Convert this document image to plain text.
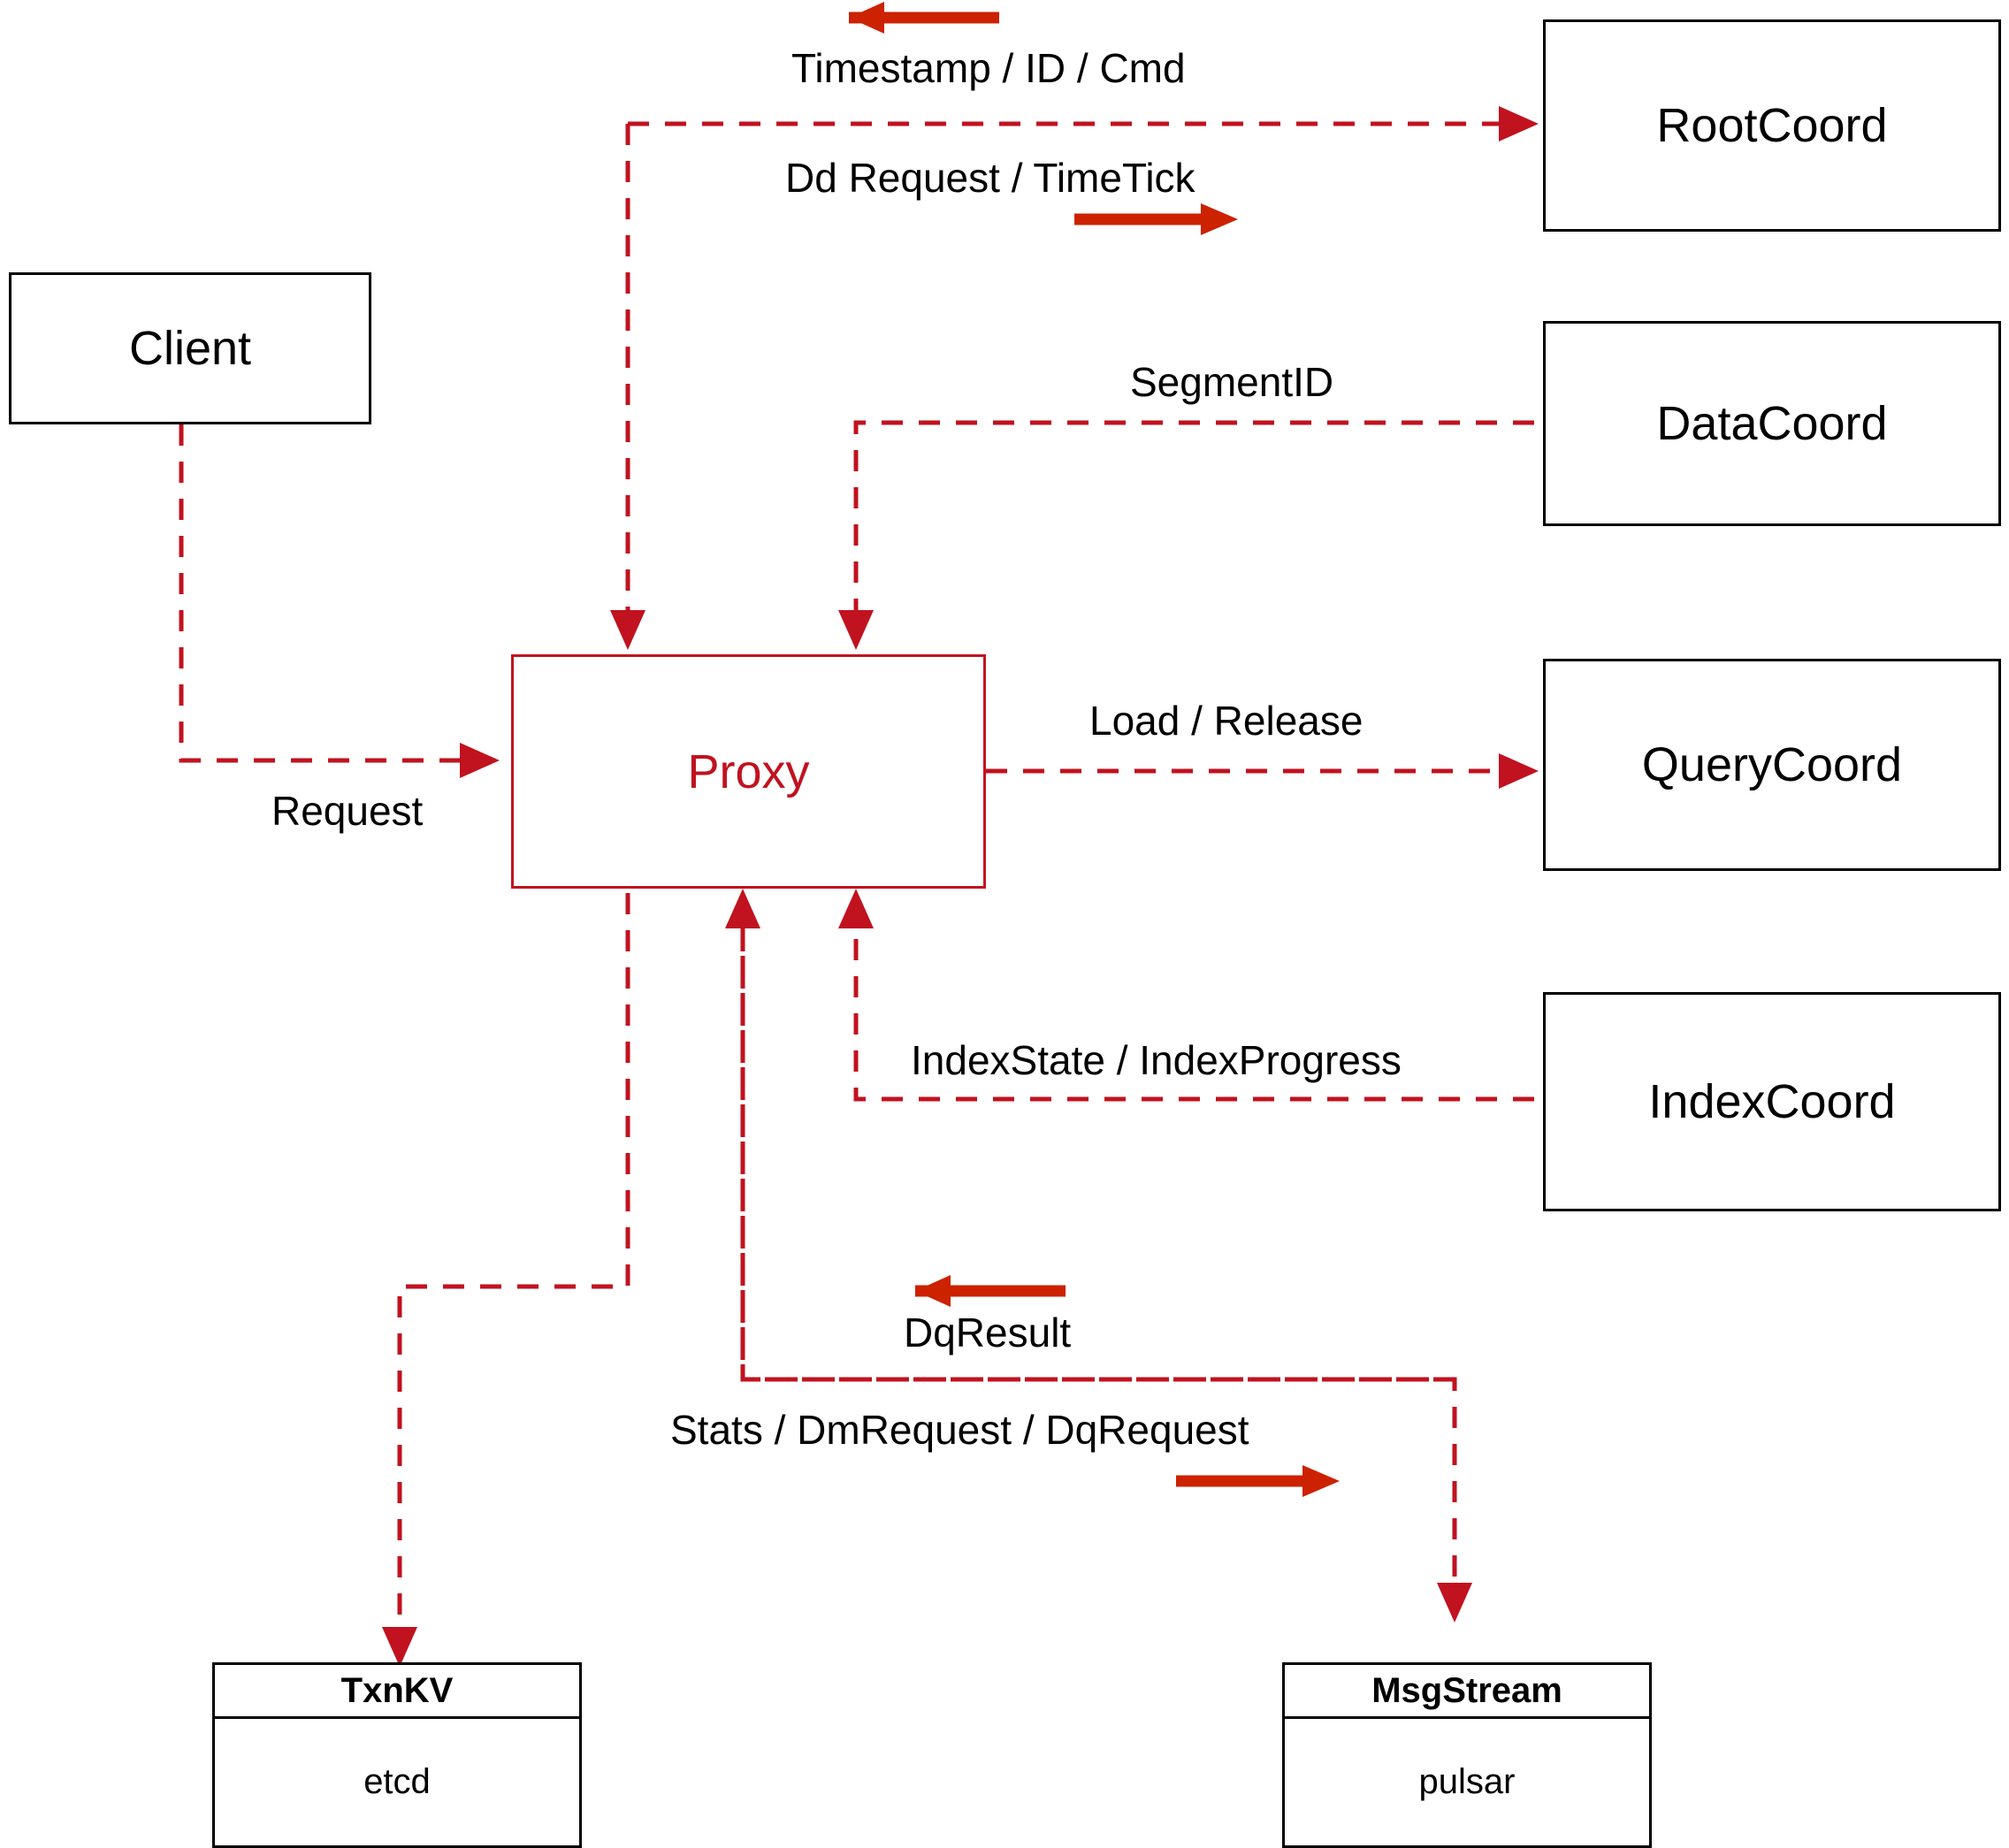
Client
Proxy
RootCoord
DataCoord
QueryCoord
IndexCoord
TxnKV
etcd
MsgStream
pulsar
Timestamp / ID / Cmd
Dd Request / TimeTick
SegmentID
Request
Load / Release
IndexState / IndexProgress
DqResult
Stats / DmRequest / DqRequest
